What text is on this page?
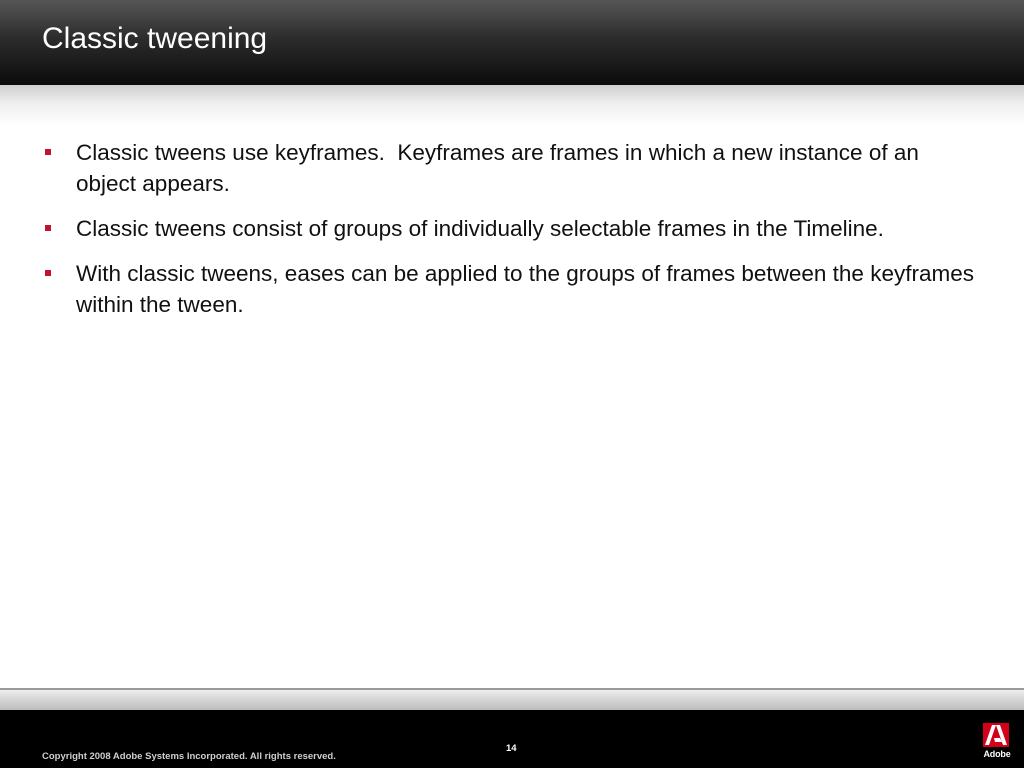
Classic tweening
Classic tweens use keyframes.  Keyframes are frames in which a new instance of an object appears.
Classic tweens consist of groups of individually selectable frames in the Timeline.
With classic tweens, eases can be applied to the groups of frames between the keyframes within the tween.
Copyright 2008 Adobe Systems Incorporated. All rights reserved.
14	Adobe
